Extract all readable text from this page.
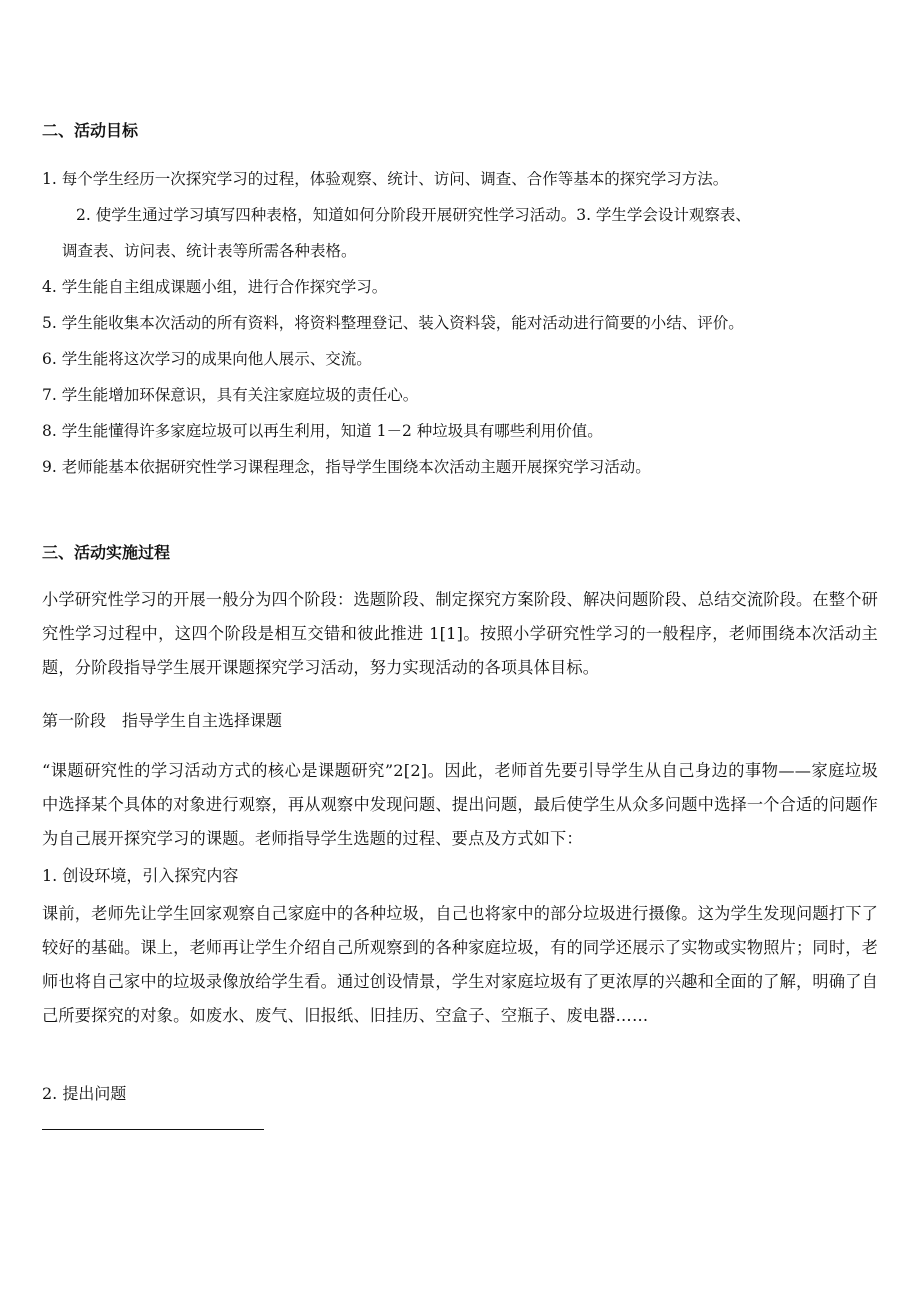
二、活动目标
1. 每个学生经历一次探究学习的过程，体验观察、统计、访问、调查、合作等基本的探究学习方法。
2. 使学生通过学习填写四种表格，知道如何分阶段开展研究性学习活动。3. 学生学会设计观察表、
调查表、访问表、统计表等所需各种表格。
4. 学生能自主组成课题小组，进行合作探究学习。
5. 学生能收集本次活动的所有资料，将资料整理登记、装入资料袋，能对活动进行简要的小结、评价。
6. 学生能将这次学习的成果向他人展示、交流。
7. 学生能增加环保意识，具有关注家庭垃圾的责任心。
8. 学生能懂得许多家庭垃圾可以再生利用，知道 1－2 种垃圾具有哪些利用价值。
9. 老师能基本依据研究性学习课程理念，指导学生围绕本次活动主题开展探究学习活动。
三、活动实施过程
小学研究性学习的开展一般分为四个阶段：选题阶段、制定探究方案阶段、解决问题阶段、总结交流阶段。在整个研究性学习过程中，这四个阶段是相互交错和彼此推进 1[1]。按照小学研究性学习的一般程序，老师围绕本次活动主题，分阶段指导学生展开课题探究学习活动，努力实现活动的各项具体目标。
第一阶段　指导学生自主选择课题
“课题研究性的学习活动方式的核心是课题研究”2[2]。因此，老师首先要引导学生从自己身边的事物——家庭垃圾中选择某个具体的对象进行观察，再从观察中发现问题、提出问题，最后使学生从众多问题中选择一个合适的问题作为自己展开探究学习的课题。老师指导学生选题的过程、要点及方式如下：
1. 创设环境，引入探究内容
课前，老师先让学生回家观察自己家庭中的各种垃圾，自己也将家中的部分垃圾进行摄像。这为学生发现问题打下了较好的基础。课上，老师再让学生介绍自己所观察到的各种家庭垃圾，有的同学还展示了实物或实物照片；同时，老师也将自己家中的垃圾录像放给学生看。通过创设情景，学生对家庭垃圾有了更浓厚的兴趣和全面的了解，明确了自己所要探究的对象。如废水、废气、旧报纸、旧挂历、空盒子、空瓶子、废电器……
2. 提出问题
